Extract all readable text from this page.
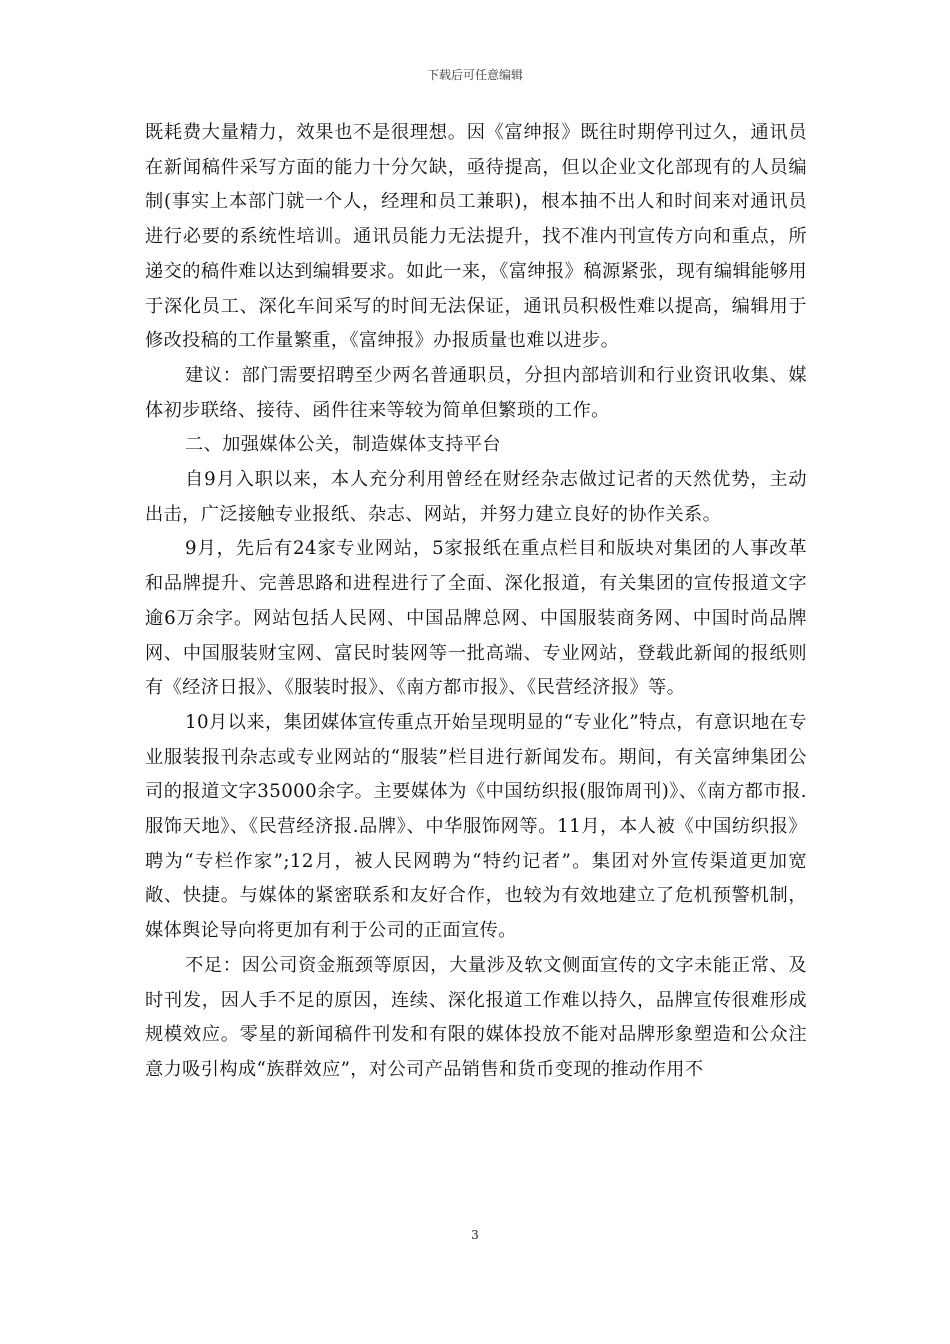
下载后可任意编辑

既耗费大量精力，效果也不是很理想。因《富绅报》既往时期停刊过久，通讯员在新闻稿件采写方面的能力十分欠缺，亟待提高，但以企业文化部现有的人员编制(事实上本部门就一个人，经理和员工兼职)，根本抽不出人和时间来对通讯员进行必要的系统性培训。通讯员能力无法提升，找不准内刊宣传方向和重点，所递交的稿件难以达到编辑要求。如此一来，《富绅报》稿源紧张，现有编辑能够用于深化员工、深化车间采写的时间无法保证，通讯员积极性难以提高，编辑用于修改投稿的工作量繁重，《富绅报》办报质量也难以进步。

建议：部门需要招聘至少两名普通职员，分担内部培训和行业资讯收集、媒体初步联络、接待、函件往来等较为简单但繁琐的工作。

二、加强媒体公关，制造媒体支持平台

自9月入职以来，本人充分利用曾经在财经杂志做过记者的天然优势，主动出击，广泛接触专业报纸、杂志、网站，并努力建立良好的协作关系。

9月，先后有24家专业网站，5家报纸在重点栏目和版块对集团的人事改革和品牌提升、完善思路和进程进行了全面、深化报道，有关集团的宣传报道文字逾6万余字。网站包括人民网、中国品牌总网、中国服装商务网、中国时尚品牌网、中国服装财宝网、富民时装网等一批高端、专业网站，登载此新闻的报纸则有《经济日报》、《服装时报》、《南方都市报》、《民营经济报》等。

10月以来，集团媒体宣传重点开始呈现明显的“专业化”特点，有意识地在专业服装报刊杂志或专业网站的“服装”栏目进行新闻发布。期间，有关富绅集团公司的报道文字35000余字。主要媒体为《中国纺织报(服饰周刊)》、《南方都市报.服饰天地》、《民营经济报.品牌》、中华服饰网等。11月，本人被《中国纺织报》聘为“专栏作家”;12月，被人民网聘为“特约记者”。集团对外宣传渠道更加宽敞、快捷。与媒体的紧密联系和友好合作，也较为有效地建立了危机预警机制，媒体舆论导向将更加有利于公司的正面宣传。

不足：因公司资金瓶颈等原因，大量涉及软文侧面宣传的文字未能正常、及时刊发，因人手不足的原因，连续、深化报道工作难以持久，品牌宣传很难形成规模效应。零星的新闻稿件刊发和有限的媒体投放不能对品牌形象塑造和公众注意力吸引构成“族群效应”，对公司产品销售和货币变现的推动作用不

3
